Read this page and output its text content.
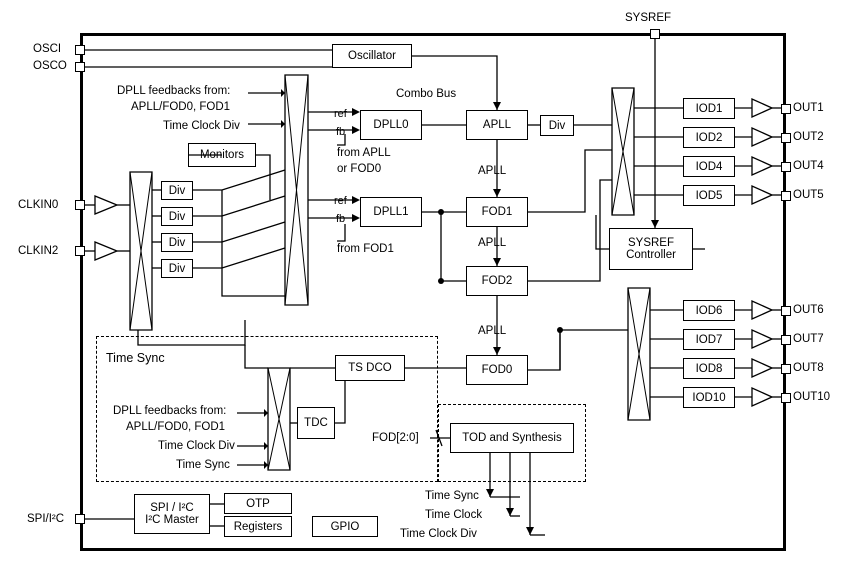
OSCI
OSCO
CLKIN0
CLKIN2
SPI/I²C
SYSREF
OUT1
OUT2
OUT4
OUT5
OUT6
OUT7
OUT8
OUT10
Oscillator
Monitors
DPLL0
DPLL1
APLL	Div
FOD1
FOD2
FOD0
TS DCO
TDC
TOD and Synthesis
SYSREF
Controller
SPI / I²C
I²C Master
OTP
Registers	GPIO
Div
Div
Div
Div
IOD1
IOD2
IOD4
IOD5
IOD6
IOD7
IOD8
IOD10
DPLL feedbacks from:
APLL/FOD0, FOD1
Time Clock Div
Combo Bus
ref
fb
ref
fb
from APLL
or FOD0
from FOD1
APLL
APLL
APLL
Time Sync
DPLL feedbacks from:
APLL/FOD0, FOD1
Time Clock Div
Time Sync
FOD[2:0]
Time Sync
Time Clock
Time Clock Div
